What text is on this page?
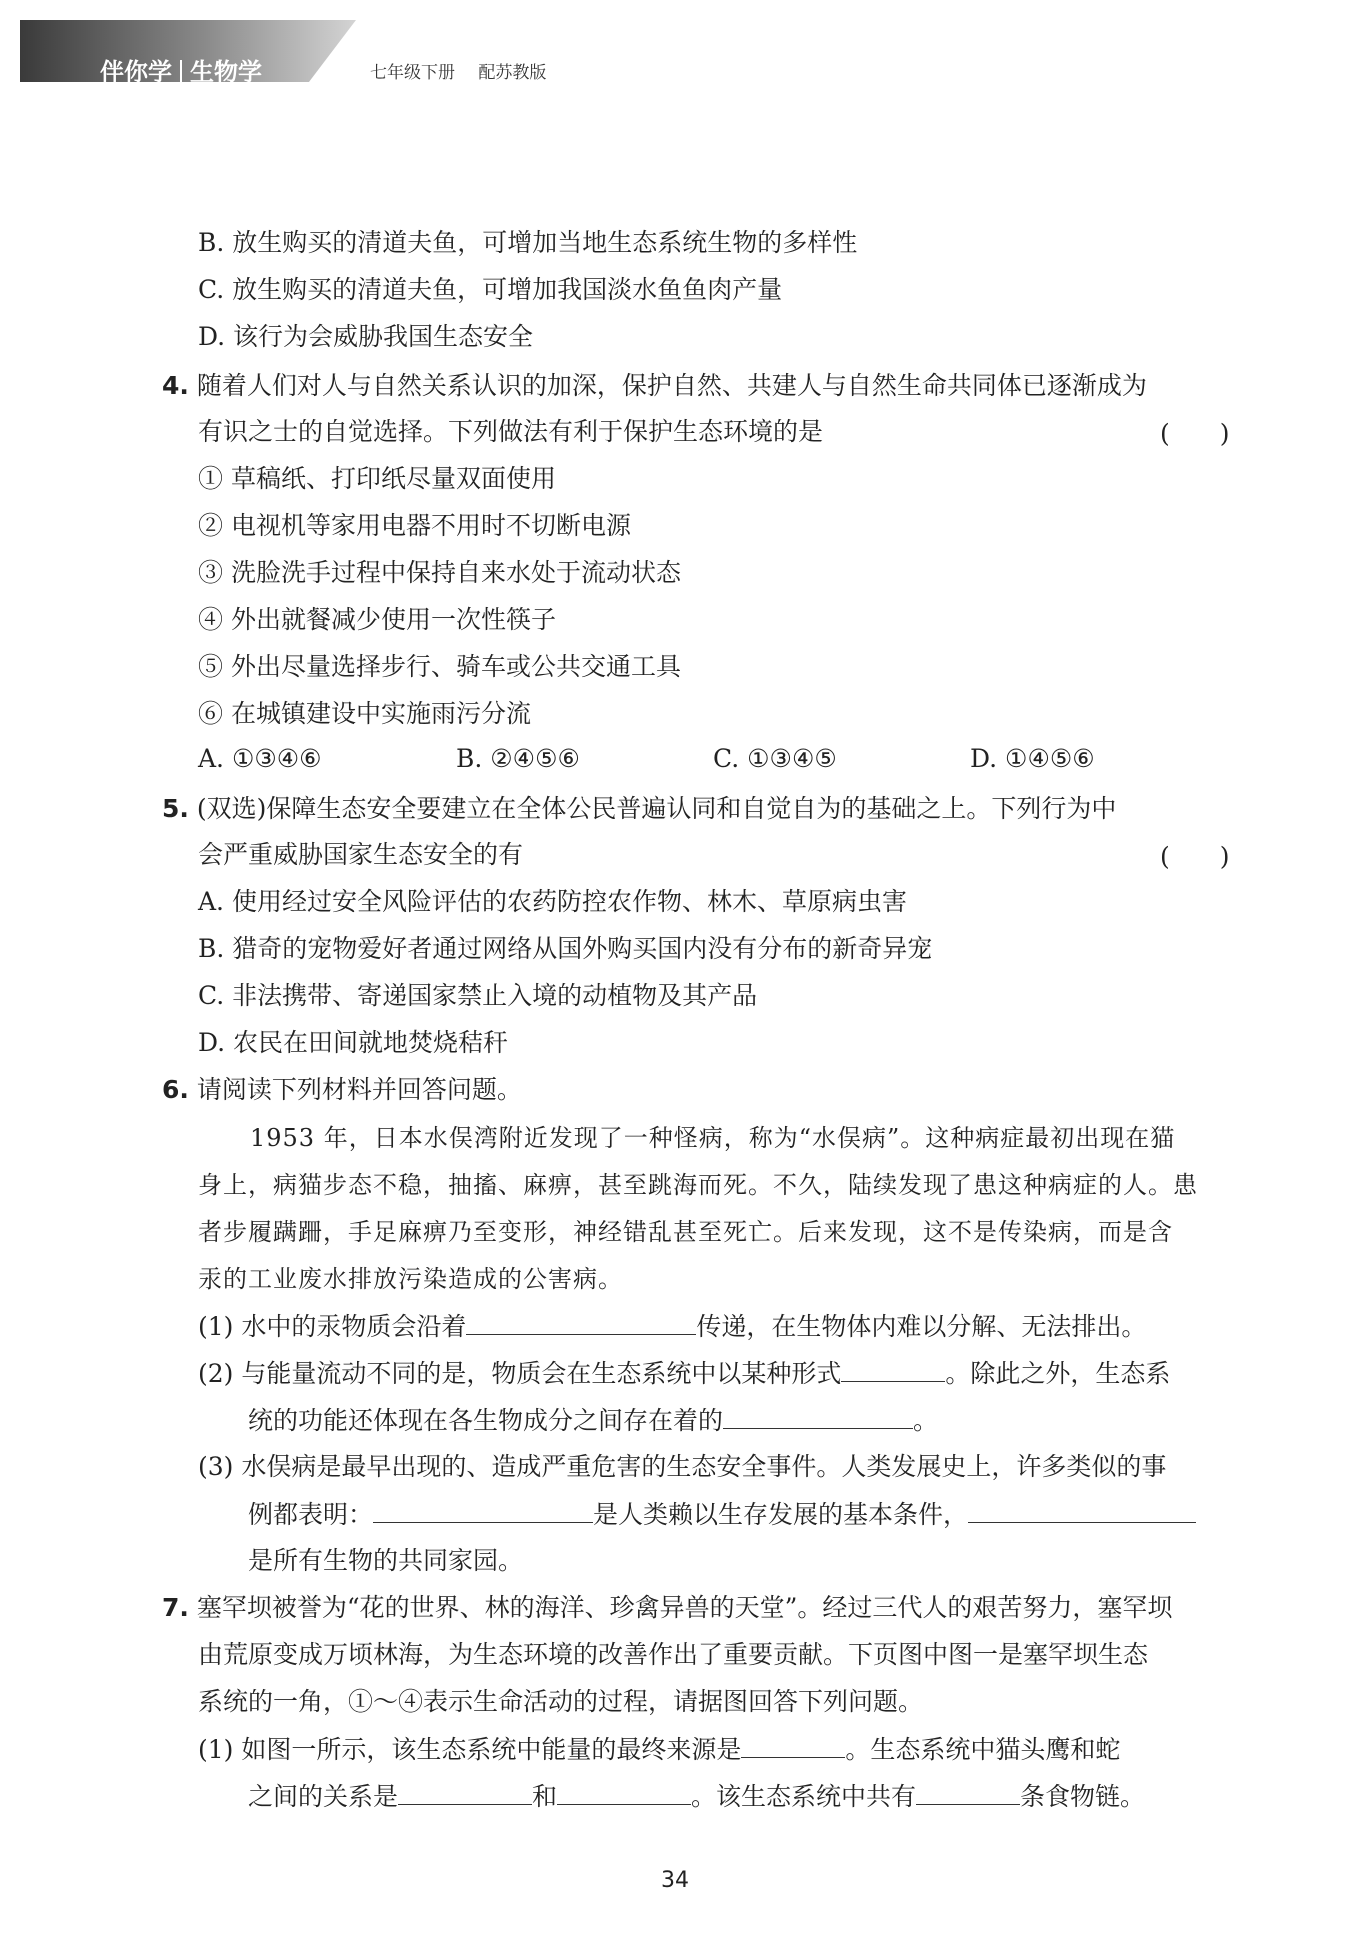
伴你学 生物学	七年级下册 配苏教版
B. 放生购买的清道夫鱼，可增加当地生态系统生物的多样性
C. 放生购买的清道夫鱼，可增加我国淡水鱼鱼肉产量
D. 该行为会威胁我国生态安全
4. 随着人们对人与自然关系认识的加深，保护自然、共建人与自然生命共同体已逐渐成为
有识之士的自觉选择。下列做法有利于保护生态环境的是	(　　)
① 草稿纸、打印纸尽量双面使用
② 电视机等家用电器不用时不切断电源
③ 洗脸洗手过程中保持自来水处于流动状态
④ 外出就餐减少使用一次性筷子
⑤ 外出尽量选择步行、骑车或公共交通工具
⑥ 在城镇建设中实施雨污分流
A. ①③④⑥	B. ②④⑤⑥	C. ①③④⑤	D. ①④⑤⑥
5. (双选)保障生态安全要建立在全体公民普遍认同和自觉自为的基础之上。下列行为中
会严重威胁国家生态安全的有	(　　)
A. 使用经过安全风险评估的农药防控农作物、林木、草原病虫害
B. 猎奇的宠物爱好者通过网络从国外购买国内没有分布的新奇异宠
C. 非法携带、寄递国家禁止入境的动植物及其产品
D. 农民在田间就地焚烧秸秆
6. 请阅读下列材料并回答问题。
1953 年，日本水俣湾附近发现了一种怪病，称为“水俣病”。这种病症最初出现在猫
身上，病猫步态不稳，抽搐、麻痹，甚至跳海而死。不久，陆续发现了患这种病症的人。患
者步履蹒跚，手足麻痹乃至变形，神经错乱甚至死亡。后来发现，这不是传染病，而是含
汞的工业废水排放污染造成的公害病。
(1) 水中的汞物质会沿着	传递，在生物体内难以分解、无法排出。
(2) 与能量流动不同的是，物质会在生态系统中以某种形式	。除此之外，生态系
统的功能还体现在各生物成分之间存在着的	。
(3) 水俣病是最早出现的、造成严重危害的生态安全事件。人类发展史上，许多类似的事
例都表明：	是人类赖以生存发展的基本条件，
是所有生物的共同家园。
7. 塞罕坝被誉为“花的世界、林的海洋、珍禽异兽的天堂”。经过三代人的艰苦努力，塞罕坝
由荒原变成万顷林海，为生态环境的改善作出了重要贡献。下页图中图一是塞罕坝生态
系统的一角，①～④表示生命活动的过程，请据图回答下列问题。
(1) 如图一所示，该生态系统中能量的最终来源是	。生态系统中猫头鹰和蛇
之间的关系是	和	。该生态系统中共有	条食物链。
34
